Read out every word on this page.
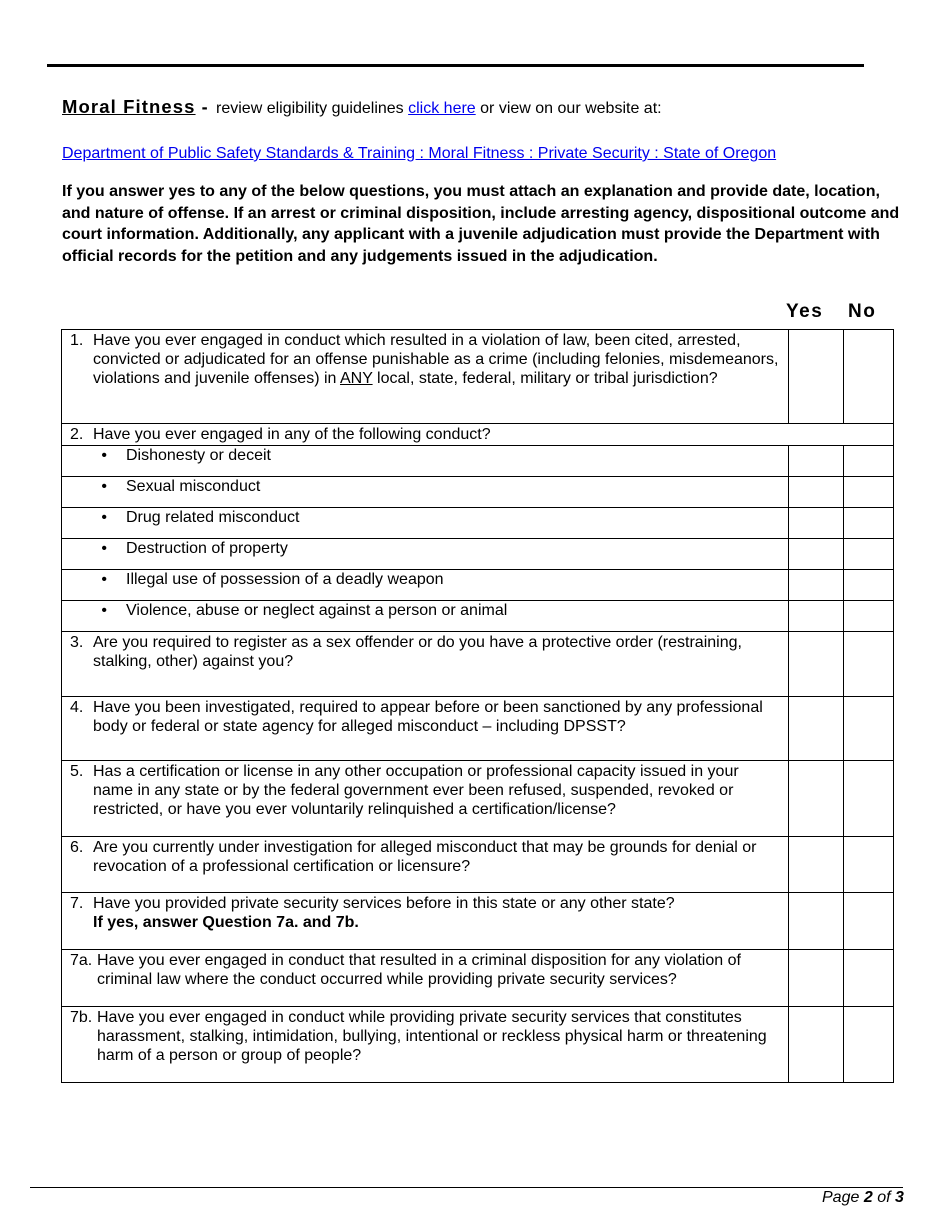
Moral Fitness - review eligibility guidelines click here or view on our website at:
Department of Public Safety Standards & Training : Moral Fitness : Private Security : State of Oregon
If you answer yes to any of the below questions, you must attach an explanation and provide date, location, and nature of offense. If an arrest or criminal disposition, include arresting agency, dispositional outcome and court information. Additionally, any applicant with a juvenile adjudication must provide the Department with official records for the petition and any judgements issued in the adjudication.
Yes No
1. Have you ever engaged in conduct which resulted in a violation of law, been cited, arrested, convicted or adjudicated for an offense punishable as a crime (including felonies, misdemeanors, violations and juvenile offenses) in ANY local, state, federal, military or tribal jurisdiction?		

2. Have you ever engaged in any of the following conduct?		

• Dishonesty or deceit		

• Sexual misconduct		

• Drug related misconduct		

• Destruction of property		

• Illegal use of possession of a deadly weapon		

• Violence, abuse or neglect against a person or animal		

3. Are you required to register as a sex offender or do you have a protective order (restraining, stalking, other) against you?		

4. Have you been investigated, required to appear before or been sanctioned by any professional body or federal or state agency for alleged misconduct – including DPSST?		

5. Has a certification or license in any other occupation or professional capacity issued in your name in any state or by the federal government ever been refused, suspended, revoked or restricted, or have you ever voluntarily relinquished a certification/license?		

6. Are you currently under investigation for alleged misconduct that may be grounds for denial or revocation of a professional certification or licensure?		

7. Have you provided private security services before in this state or any other state?
If yes, answer Question 7a. and 7b.		

7a. Have you ever engaged in conduct that resulted in a criminal disposition for any violation of criminal law where the conduct occurred while providing private security services?		

7b. Have you ever engaged in conduct while providing private security services that constitutes harassment, stalking, intimidation, bullying, intentional or reckless physical harm or threatening harm of a person or group of people?		

Page 2 of 3
